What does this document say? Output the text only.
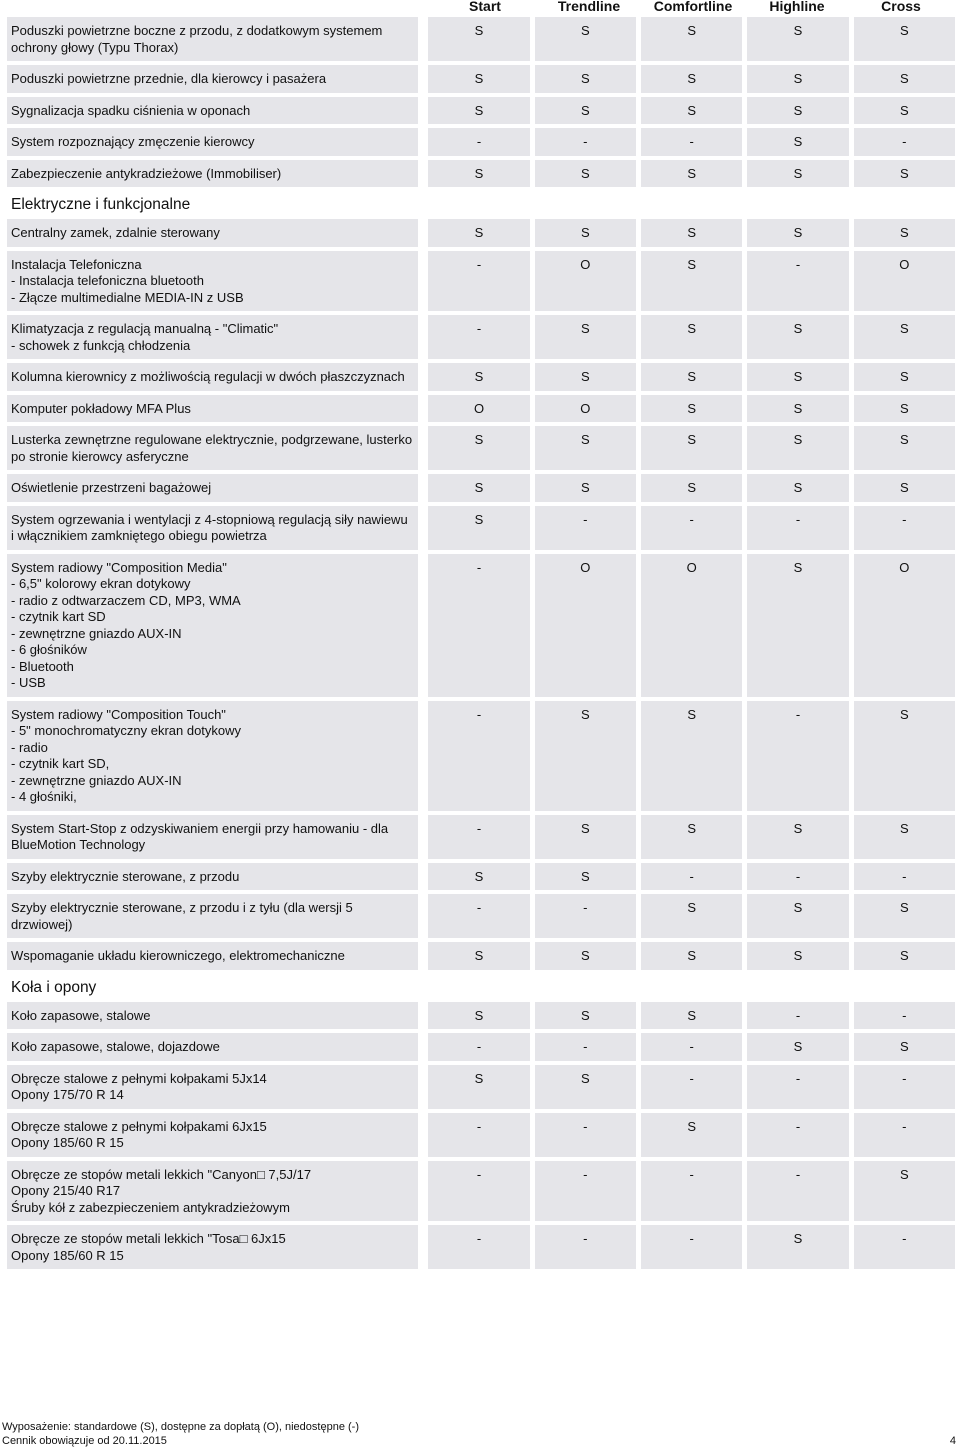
Start	Trendline	Comfortline	Highline	Cross
Poduszki powietrzne boczne z przodu, z dodatkowym systemem
ochrony głowy (Typu Thorax)
S	S	S	S	S
Poduszki powietrzne przednie, dla kierowcy i pasażera	S	S	S	S	S
Sygnalizacja spadku ciśnienia w oponach	S	S	S	S	S
System rozpoznający zmęczenie kierowcy	-	-	-	S	-
Zabezpieczenie antykradzieżowe (Immobiliser)	S	S	S	S	S
Elektryczne i funkcjonalne
Centralny zamek, zdalnie sterowany	S	S	S	S	S
Instalacja Telefoniczna
- Instalacja telefoniczna bluetooth
- Złącze multimedialne MEDIA-IN z USB
-	O	S	-	O
Klimatyzacja z regulacją manualną - "Climatic"
- schowek z funkcją chłodzenia
-	S	S	S	S
Kolumna kierownicy z możliwością regulacji w dwóch płaszczyznach	S	S	S	S	S
Komputer pokładowy MFA Plus	O	O	S	S	S
Lusterka zewnętrzne regulowane elektrycznie, podgrzewane, lusterko
po stronie kierowcy asferyczne
S	S	S	S	S
Oświetlenie przestrzeni bagażowej	S	S	S	S	S
System ogrzewania i wentylacji z 4-stopniową regulacją siły nawiewu
i włącznikiem zamkniętego obiegu powietrza
S	-	-	-	-
System radiowy "Composition Media"
- 6,5" kolorowy ekran dotykowy
- radio z odtwarzaczem CD, MP3, WMA
- czytnik kart SD
- zewnętrzne gniazdo AUX-IN
- 6 głośników
- Bluetooth
- USB
-	O	O	S	O
System radiowy "Composition Touch"
- 5" monochromatyczny ekran dotykowy
- radio
- czytnik kart SD,
- zewnętrzne gniazdo AUX-IN
- 4 głośniki,
-	S	S	-	S
System Start-Stop z odzyskiwaniem energii przy hamowaniu - dla
BlueMotion Technology
-	S	S	S	S
Szyby elektrycznie sterowane, z przodu	S	S	-	-	-
Szyby elektrycznie sterowane, z przodu i z tyłu (dla wersji 5
drzwiowej)
-	-	S	S	S
Wspomaganie układu kierowniczego, elektromechaniczne	S	S	S	S	S
Koła i opony
Koło zapasowe, stalowe	S	S	S	-	-
Koło zapasowe, stalowe, dojazdowe	-	-	-	S	S
Obręcze stalowe z pełnymi kołpakami 5Jx14
Opony 175/70 R 14
S	S	-	-	-
Obręcze stalowe z pełnymi kołpakami 6Jx15
Opony 185/60 R 15
-	-	S	-	-
Obręcze ze stopów metali lekkich "Canyon□ 7,5J/17
Opony 215/40 R17
Śruby kół z zabezpieczeniem antykradzieżowym
-	-	-	-	S
Obręcze ze stopów metali lekkich "Tosa□ 6Jx15
Opony 185/60 R 15
-	-	-	S	-
Wyposażenie: standardowe (S), dostępne za dopłatą (O), niedostępne (-)
Cennik obowiązuje od 20.11.2015	4
